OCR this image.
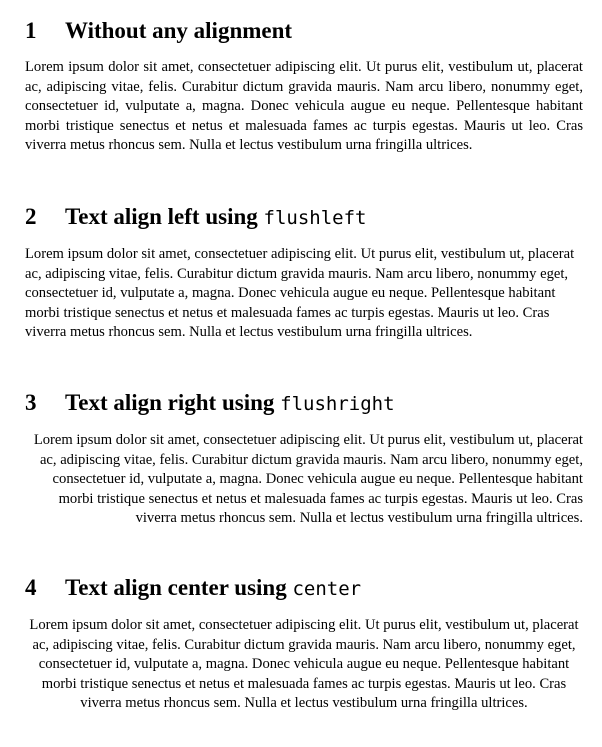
1 Without any alignment

Lorem ipsum dolor sit amet, consectetuer adipiscing elit. Ut purus elit, vestibulum ut, placerat ac, adipiscing vitae, felis. Curabitur dictum gravida mauris. Nam arcu libero, nonummy eget, consectetuer id, vulputate a, magna. Donec vehicula augue eu neque. Pellentesque habitant morbi tristique senectus et netus et malesuada fames ac turpis egestas. Mauris ut leo. Cras viverra metus rhoncus sem. Nulla et lectus vestibulum urna fringilla ultrices.

2 Text align left using flushleft

Lorem ipsum dolor sit amet, consectetuer adipiscing elit. Ut purus elit, vestibulum ut, placerat ac, adipiscing vitae, felis. Curabitur dictum gravida mauris. Nam arcu libero, nonummy eget, consectetuer id, vulputate a, magna. Donec vehicula augue eu neque. Pellentesque habitant morbi tristique senectus et netus et malesuada fames ac turpis egestas. Mauris ut leo. Cras viverra metus rhoncus sem. Nulla et lectus vestibulum urna fringilla ultrices.

3 Text align right using flushright

Lorem ipsum dolor sit amet, consectetuer adipiscing elit. Ut purus elit, vestibulum ut, placerat ac, adipiscing vitae, felis. Curabitur dictum gravida mauris. Nam arcu libero, nonummy eget, consectetuer id, vulputate a, magna. Donec vehicula augue eu neque. Pellentesque habitant morbi tristique senectus et netus et malesuada fames ac turpis egestas. Mauris ut leo. Cras viverra metus rhoncus sem. Nulla et lectus vestibulum urna fringilla ultrices.

4 Text align center using center

Lorem ipsum dolor sit amet, consectetuer adipiscing elit. Ut purus elit, vestibulum ut, placerat ac, adipiscing vitae, felis. Curabitur dictum gravida mauris. Nam arcu libero, nonummy eget, consectetuer id, vulputate a, magna. Donec vehicula augue eu neque. Pellentesque habitant morbi tristique senectus et netus et malesuada fames ac turpis egestas. Mauris ut leo. Cras viverra metus rhoncus sem. Nulla et lectus vestibulum urna fringilla ultrices.
